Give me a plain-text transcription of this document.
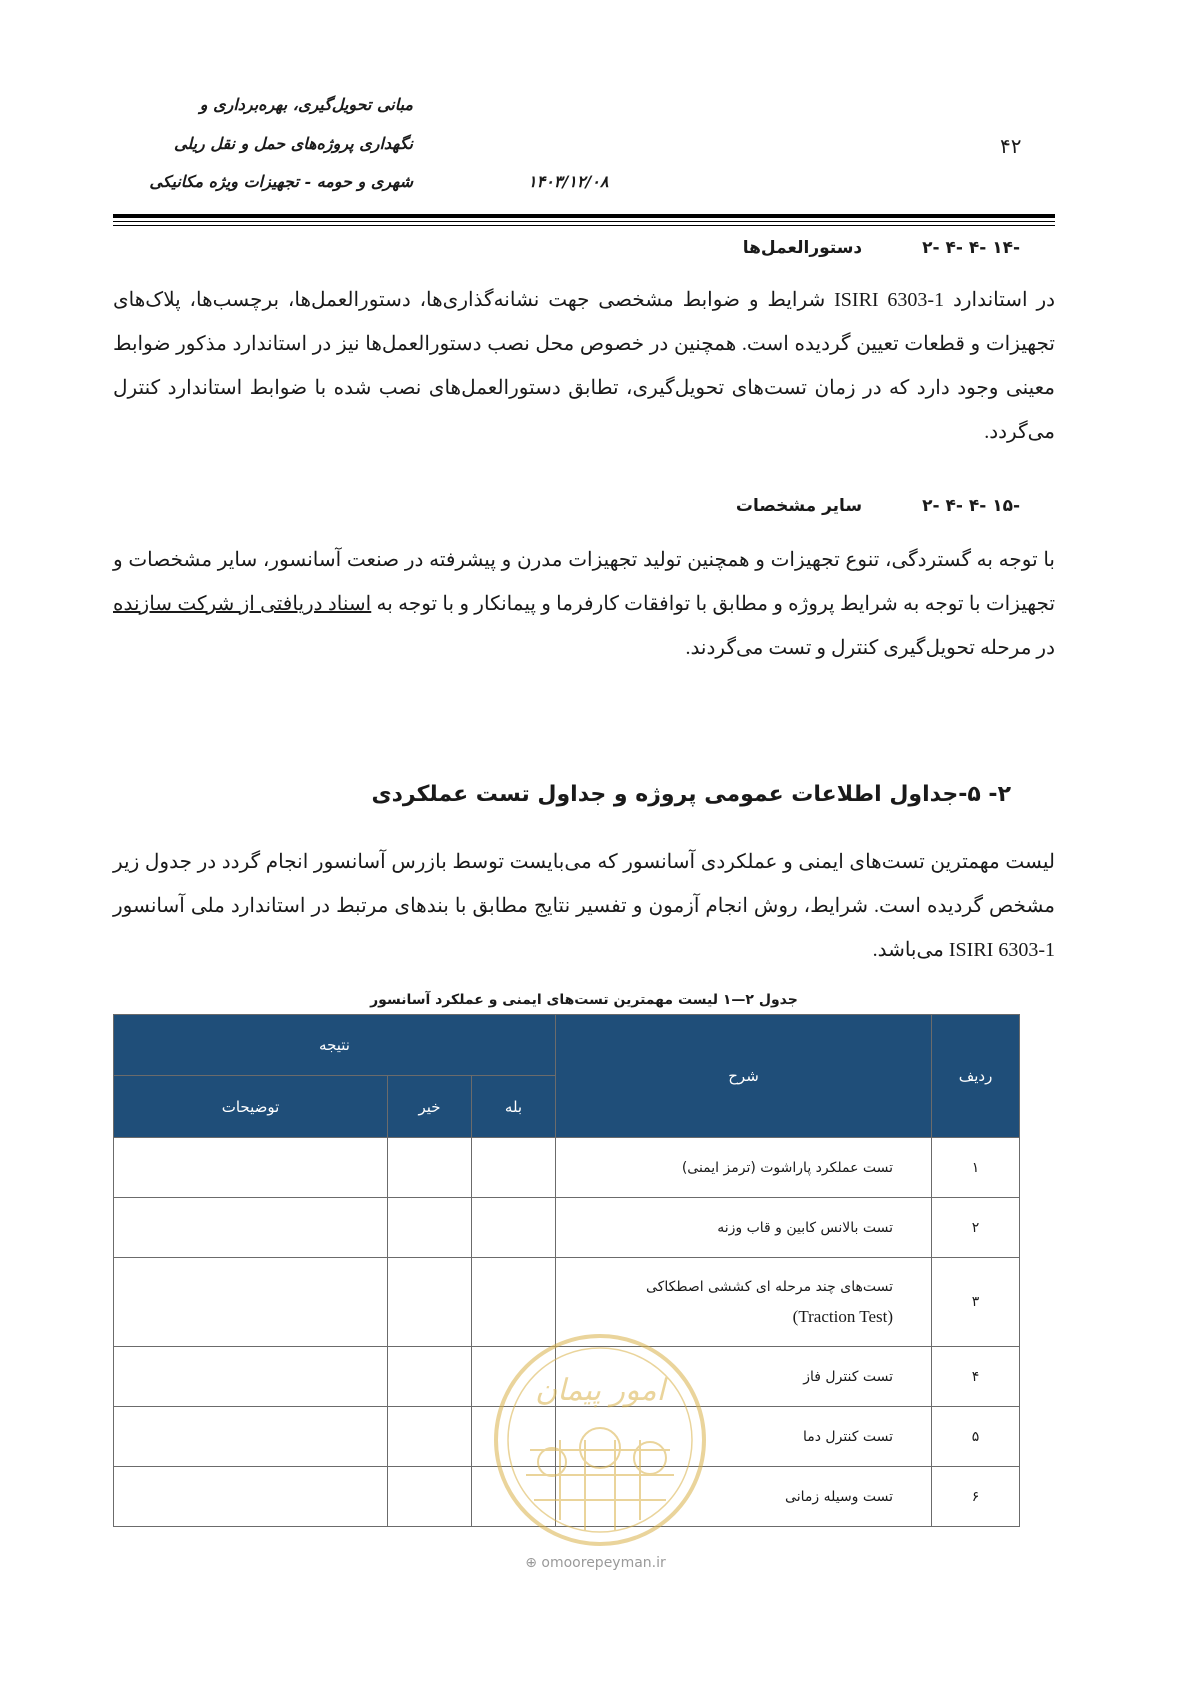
مبانی تحویل‌گیری، بهره‌برداری و
نگهداری پروژه‌های حمل و نقل ریلی
شهری و حومه - تجهیزات ویژه مکانیکی	۱۴۰۳/۱۲/۰۸
۴۲
۲- ۴- ۴- ۱۴-
دستورالعمل‌ها
در استاندارد ISIRI 6303-1 شرایط و ضوابط مشخصی جهت نشانه‌گذاری‌ها، دستورالعمل‌ها، برچسب‌ها، پلاک‌های تجهیزات و قطعات تعیین گردیده است. همچنین در خصوص محل نصب دستورالعمل‌ها نیز در استاندارد مذکور ضوابط معینی وجود دارد که در زمان تست‌های تحویل‌گیری، تطابق دستورالعمل‌های نصب شده با ضوابط استاندارد کنترل می‌گردد.
۲- ۴- ۴- ۱۵-
سایر مشخصات
با توجه به گستردگی، تنوع تجهیزات و همچنین تولید تجهیزات مدرن و پیشرفته در صنعت آسانسور، سایر مشخصات و تجهیزات با توجه به شرایط پروژه و مطابق با توافقات کارفرما و پیمانکار و با توجه به اسناد دریافتی از شرکت سازنده در مرحله تحویل‌گیری کنترل و تست می‌گردند.
۲- ۵-جداول اطلاعات عمومی پروژه و جداول تست عملکردی
لیست مهمترین تست‌های ایمنی و عملکردی آسانسور که می‌بایست توسط بازرس آسانسور انجام گردد در جدول زیر مشخص گردیده است. شرایط، روش انجام آزمون و تفسیر نتایج مطابق با بندهای مرتبط در استاندارد ملی آسانسور ISIRI 6303-1 می‌باشد.
جدول ۲—۱ لیست مهمترین تست‌های ایمنی و عملکرد آسانسور
ردیف	شرح	نتیجه		
		بله	خیر	توضیحات
۱	تست عملکرد پاراشوت (ترمز ایمنی)			
۲	تست بالانس کابین و قاب وزنه			
۳	تست‌های چند مرحله ای کششی اصطکاکی
(Traction Test)			
۴	تست کنترل فاز			
۵	تست کنترل دما			
۶	تست وسیله زمانی			
امور پیمان
⊕ omoorepeyman.ir
